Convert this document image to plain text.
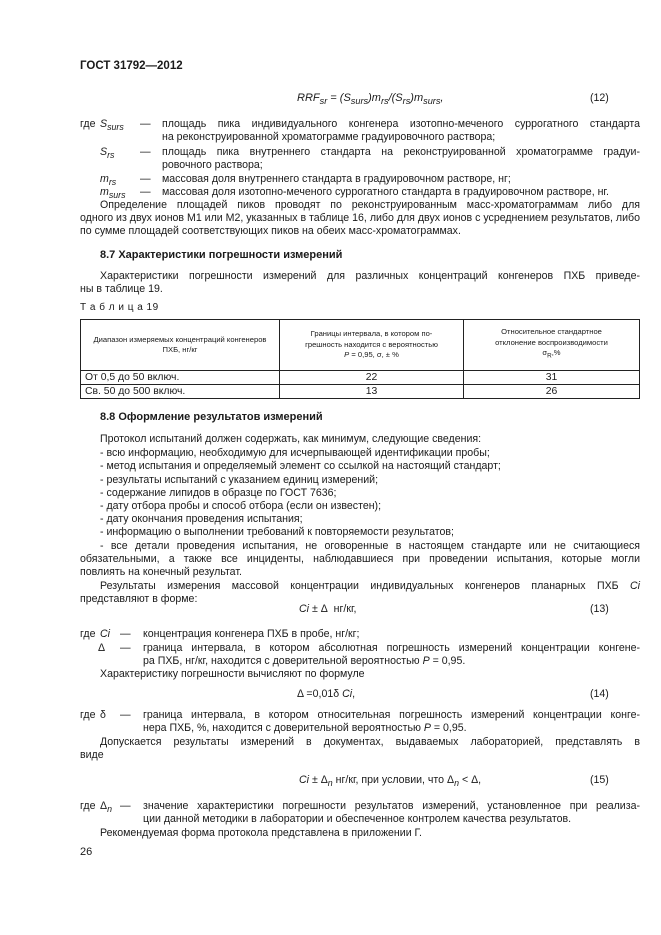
ГОСТ 31792—2012
$RRF_{sr} = (S_{surs})m_{rs}/(S_{rs})m_{surs}$,	(12)
где $S_{surs}$ — площадь пика индивидуального конгенера изотопно-меченого суррогатного стандарта
на реконструированной хроматограмме градуировочного раствора;
$S_{rs}$ — площадь пика внутреннего стандарта на реконструированной хроматограмме градуи-
ровочного раствора;
$m_{rs}$ — массовая доля внутреннего стандарта в градуировочном растворе, нг;
$m_{surs}$ — массовая доля изотопно-меченого суррогатного стандарта в градуировочном растворе, нг.
Определение площадей пиков проводят по реконструированным масс-хроматограммам либо для
одного из двух ионов M1 или M2, указанных в таблице 16, либо для двух ионов с усреднением результатов, либо по сумме площадей соответствующих пиков на обеих масс-хроматограммах.
8.7 Характеристики погрешности измерений
Характеристики погрешности измерений для различных концентраций конгенеров ПХБ приведе-
ны в таблице 19.
Т а б л и ц а 19
Диапазон измеряемых концентраций конгенеров ПХБ, нг/кг	Границы интервала, в котором по-
грешность находится с вероятностью
P = 0,95, σ, ± %	Относительное стандартное
отклонение воспроизводимости
$\sigma_R,\%$
От 0,5 до 50 включ.	22	31
Св. 50 до 500 включ.	13	26
8.8 Оформление результатов измерений
Протокол испытаний должен содержать, как минимум, следующие сведения:
- всю информацию, необходимую для исчерпывающей идентификации пробы;
- метод испытания и определяемый элемент со ссылкой на настоящий стандарт;
- результаты испытаний с указанием единиц измерений;
- содержание липидов в образце по ГОСТ 7636;
- дату отбора пробы и способ отбора (если он известен);
- дату окончания проведения испытания;
- информацию о выполнении требований к повторяемости результатов;
- все детали проведения испытания, не оговоренные в настоящем стандарте или не считающиеся
обязательными, а также все инциденты, наблюдавшиеся при проведении испытания, которые могли
повлиять на конечный результат.
Результаты измерения массовой концентрации индивидуальных конгенеров планарных ПХБ Ci
представляют в форме:
Ci ± Δ  нг/кг,	(13)
где Ci — концентрация конгенера ПХБ в пробе, нг/кг;
Δ — граница интервала, в котором абсолютная погрешность измерений концентрации конгене-
ра ПХБ, нг/кг, находится с доверительной вероятностью P = 0,95.
Характеристику погрешности вычисляют по формуле
Δ =0,01δ Ci,	(14)
где δ — граница интервала, в котором относительная погрешность измерений концентрации конге-
нера ПХБ, %, находится с доверительной вероятностью P = 0,95.
Допускается результаты измерений в документах, выдаваемых лабораторией, представлять в
виде
$Ci \pm \Delta_n$ нг/кг, при условии, что $\Delta_n < \Delta$,	(15)
где $\Delta_n$ — значение характеристики погрешности результатов измерений, установленное при реализа-
ции данной методики в лаборатории и обеспеченное контролем качества результатов.
Рекомендуемая форма протокола представлена в приложении Г.
26
